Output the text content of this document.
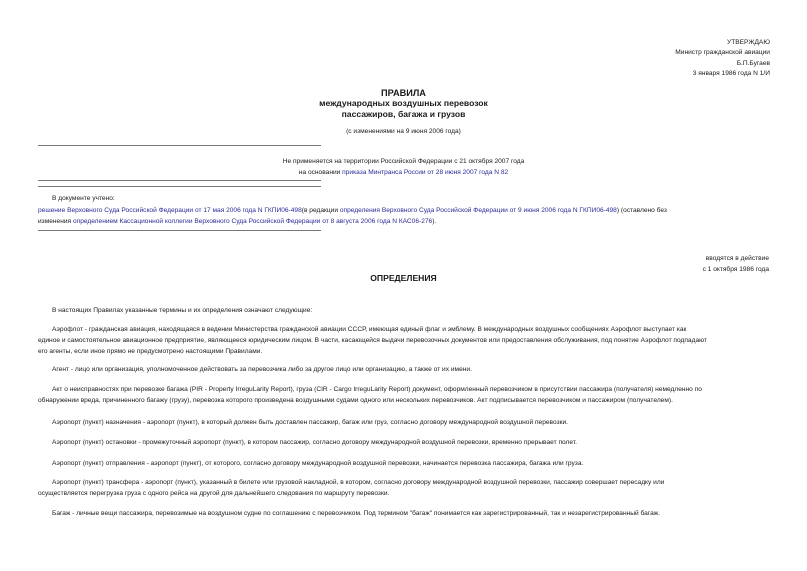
УТВЕРЖДАЮ
Министр гражданской авиации
Б.П.Бугаев
3 января 1986 года N 1/И
ПРАВИЛА
международных воздушных перевозок
пассажиров, багажа и грузов
(с изменениями на 9 июня 2006 года)
Не применяется на территории Российской Федерации с 21 октября 2007 года
на основании приказа Минтранса России от 28 июня 2007 года N 82
В документе учтено:
решение Верховного Суда Российской Федерации от 17 мая 2006 года N ГКПИ06-498(в редакции определения Верховного Суда Российской Федерации от 9 июня 2006 года N ГКПИ06-498) (оставлено без
изменения определением Кассационной коллегии Верховного Суда Российской Федерации от 8 августа 2006 года N КАС06-276).
вводятся в действие
с 1 октября 1986 года
ОПРЕДЕЛЕНИЯ
В настоящих Правилах указанные термины и их определения означают следующие:
Аэрофлот - гражданская авиация, находящаяся в ведении Министерства гражданской авиации СССР, имеющая единый флаг и эмблему. В международных воздушных сообщениях Аэрофлот выступает как
единое и самостоятельное авиационное предприятие, являющееся юридическим лицом. В части, касающейся выдачи перевозочных документов или предоставления обслуживания, под понятие Аэрофлот подпадают
его агенты, если иное прямо не предусмотрено настоящими Правилами.
Агент - лицо или организация, уполномоченное действовать за перевозчика либо за другое лицо или организацию, а также от их имени.
Акт о неисправностях при перевозке багажа (PIR - Property IrreguLarity Report), груза (CIR - Cargo IrreguLarity Report) документ, оформленный перевозчиком в присутствии пассажира (получателя) немедленно по
обнаружении вреда, причиненного багажу (грузу), перевозка которого произведена воздушными судами одного или нескольких перевозчиков. Акт подписывается перевозчиком и пассажиром (получателем).
Аэропорт (пункт) назначения - аэропорт (пункт), в который должен быть доставлен пассажир, багаж или груз, согласно договору международной воздушной перевозки.
Аэропорт (пункт) остановки - промежуточный аэропорт (пункт), в котором пассажир, согласно договору международной воздушной перевозки, временно прерывает полет.
Аэропорт (пункт) отправления - аэропорт (пункт), от которого, согласно договору международной воздушной перевозки, начинается перевозка пассажира, багажа или груза.
Аэропорт (пункт) трансфера - аэропорт (пункт), указанный в билете или грузовой накладной, в котором, согласно договору международной воздушной перевозки, пассажир совершает пересадку или
осуществляется перегрузка груза с одного рейса на другой для дальнейшего следования по маршруту перевозки.
Багаж - личные вещи пассажира, перевозимые на воздушном судне по соглашению с перевозчиком. Под термином "багаж" понимается как зарегистрированный, так и незарегистрированный багаж.
